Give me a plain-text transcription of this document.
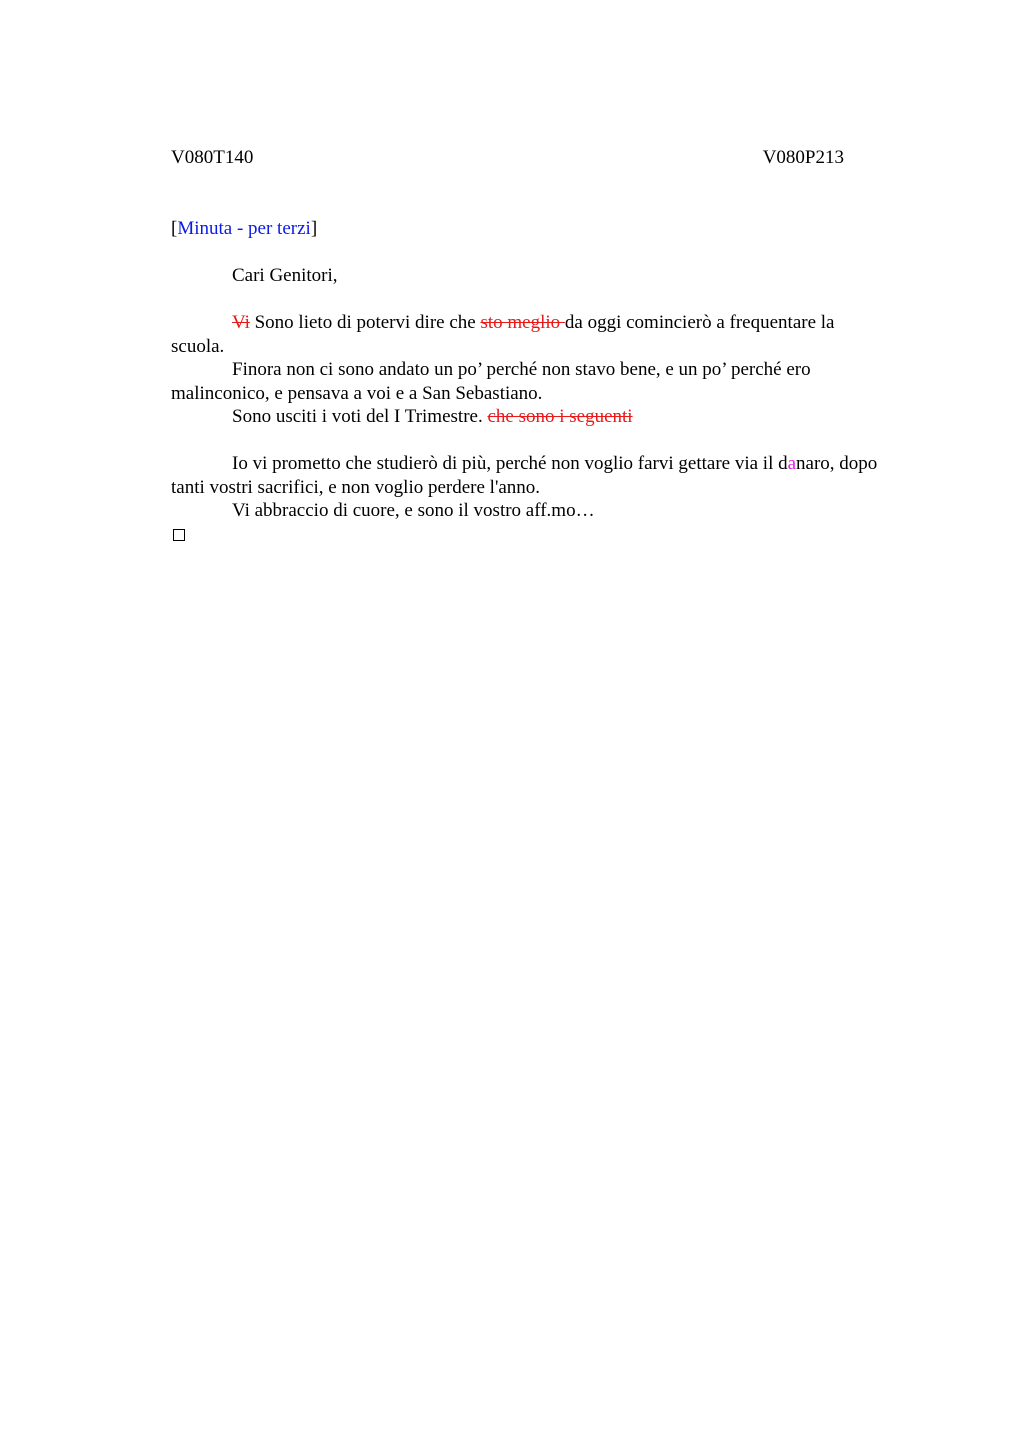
V080T140	V080P213

[Minuta - per terzi]

Cari Genitori,

Vi Sono lieto di potervi dire che sto meglio da oggi comincierò a frequentare la scuola.

Finora non ci sono andato un po’ perché non stavo bene, e un po’ perché ero malinconico, e pensava a voi e a San Sebastiano.

Sono usciti i voti del I Trimestre. che sono i seguenti

Io vi prometto che studierò di più, perché non voglio farvi gettare via il danaro, dopo tanti vostri sacrifici, e non voglio perdere l'anno.

Vi abbraccio di cuore, e sono il vostro aff.mo…
